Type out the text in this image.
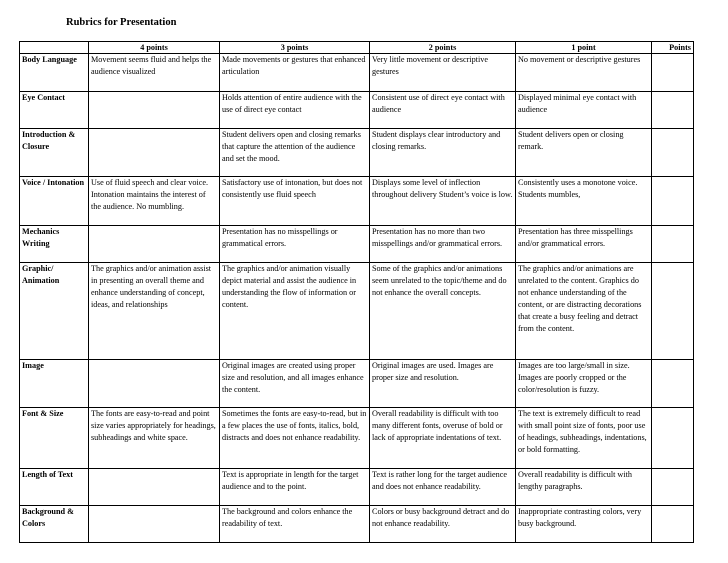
Rubrics for Presentation
	4 points	3 points	2 points	1 point	Points
Body Language	Movement seems fluid and helps the audience visualized	Made movements or gestures that enhanced articulation	Very little movement or descriptive gestures	No movement or descriptive gestures	
Eye Contact		Holds attention of entire audience with the use of direct eye contact	Consistent use of direct eye contact with audience	Displayed minimal eye contact with audience	
Introduction & Closure		Student delivers open and closing remarks that capture the attention of the audience and set the mood.	Student displays clear introductory and closing remarks.	Student delivers open or closing remark.	
Voice / Intonation	Use of fluid speech and clear voice. Intonation maintains the interest of the audience. No mumbling.	Satisfactory use of intonation, but does not consistently use fluid speech	Displays some level of inflection throughout delivery Student’s voice is low.	Consistently uses a monotone voice. Students mumbles,	
Mechanics Writing		Presentation has no misspellings or grammatical errors.	Presentation has no more than two misspellings and/or grammatical errors.	Presentation has three misspellings and/or grammatical errors.	
Graphic/ Animation	The graphics and/or animation assist in presenting an overall theme and enhance understanding of concept, ideas, and relationships	The graphics and/or animation visually depict material and assist the audience in understanding the flow of information or content.	Some of the graphics and/or animations seem unrelated to the topic/theme and do not enhance the overall concepts.	The graphics and/or animations are unrelated to the content. Graphics do not enhance understanding of the content, or are distracting decorations that create a busy feeling and detract from the content.	
Image		Original images are created using proper size and resolution, and all images enhance the content.	Original images are used. Images are proper size and resolution.	Images are too large/small in size. Images are poorly cropped or the color/resolution is fuzzy.	
Font & Size	The fonts are easy-to-read and point size varies appropriately for headings, subheadings and white space.	Sometimes the fonts are easy-to-read, but in a few places the use of fonts, italics, bold, distracts and does not enhance readability.	Overall readability is difficult with too many different fonts, overuse of bold or lack of appropriate indentations of text.	The text is extremely difficult to read with small point size of fonts, poor use of headings, subheadings, indentations, or bold formatting.	
Length of Text		Text is appropriate in length for the target audience and to the point.	Text is rather long for the target audience and does not enhance readability.	Overall readability is difficult with lengthy paragraphs.	
Background & Colors		The background and colors enhance the readability of text.	Colors or busy background detract and do not enhance readability.	Inappropriate contrasting colors, very busy background.	
